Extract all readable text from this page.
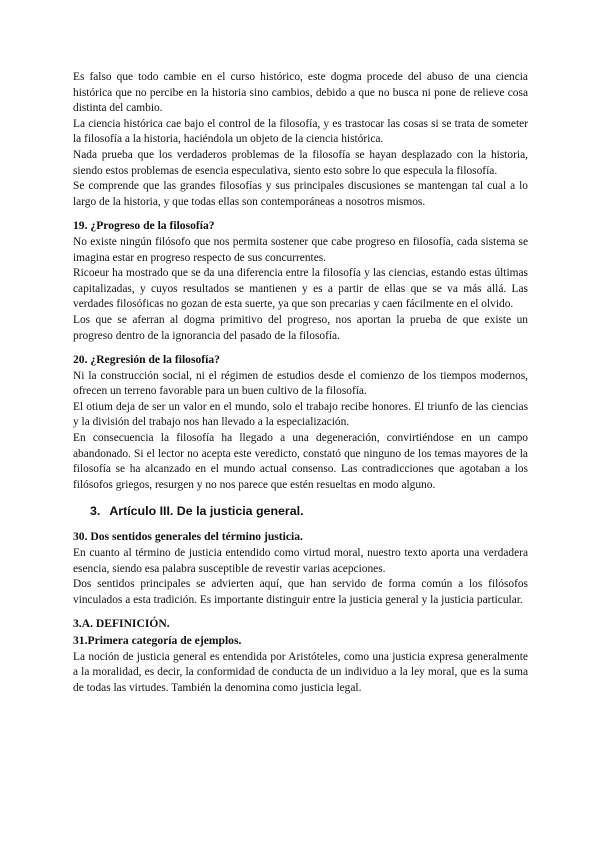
Es falso que todo cambie en el curso histórico, este dogma procede del abuso de una ciencia histórica que no percibe en la historia sino cambios, debido a que no busca ni pone de relieve cosa distinta del cambio.

La ciencia histórica cae bajo el control de la filosofía, y es trastocar las cosas si se trata de someter la filosofía a la historia, haciéndola un objeto de la ciencia histórica.

Nada prueba que los verdaderos problemas de la filosofía se hayan desplazado con la historia, siendo estos problemas de esencia especulativa, siento esto sobre lo que especula la filosofía.

Se comprende que las grandes filosofías y sus principales discusiones se mantengan tal cual a lo largo de la historia, y que todas ellas son contemporáneas a nosotros mismos.

19. ¿Progreso de la filosofía?

No existe ningún filósofo que nos permita sostener que cabe progreso en filosofía, cada sistema se imagina estar en progreso respecto de sus concurrentes.

Ricoeur ha mostrado que se da una diferencia entre la filosofía y las ciencias, estando estas últimas capitalizadas, y cuyos resultados se mantienen y es a partir de ellas que se va más allá. Las verdades filosóficas no gozan de esta suerte, ya que son precarias y caen fácilmente en el olvido.

Los que se aferran al dogma primitivo del progreso, nos aportan la prueba de que existe un progreso dentro de la ignorancia del pasado de la filosofía.

20. ¿Regresión de la filosofía?

Ni la construcción social, ni el régimen de estudios desde el comienzo de los tiempos modernos, ofrecen un terreno favorable para un buen cultivo de la filosofía.

El otium deja de ser un valor en el mundo, solo el trabajo recibe honores. El triunfo de las ciencias y la división del trabajo nos han llevado a la especialización.

En consecuencia la filosofía ha llegado a una degeneración, convirtiéndose en un campo abandonado. Si el lector no acepta este veredicto, constató que ninguno de los temas mayores de la filosofía se ha alcanzado en el mundo actual consenso. Las contradicciones que agotaban a los filósofos griegos, resurgen y no nos parece que estén resueltas en modo alguno.

3. Artículo III. De la justicia general.

30. Dos sentidos generales del término justicia.

En cuanto al término de justicia entendido como virtud moral, nuestro texto aporta una verdadera esencia, siendo esa palabra susceptible de revestir varias acepciones.

Dos sentidos principales se advierten aquí, que han servido de forma común a los filósofos vinculados a esta tradición. Es importante distinguir entre la justicia general y la justicia particular.

3.A. DEFINICIÓN.

31.Primera categoría de ejemplos.

La noción de justicia general es entendida por Aristóteles, como una justicia expresa generalmente a la moralidad, es decir, la conformidad de conducta de un individuo a la ley moral, que es la suma de todas las virtudes. También la denomina como justicia legal.
